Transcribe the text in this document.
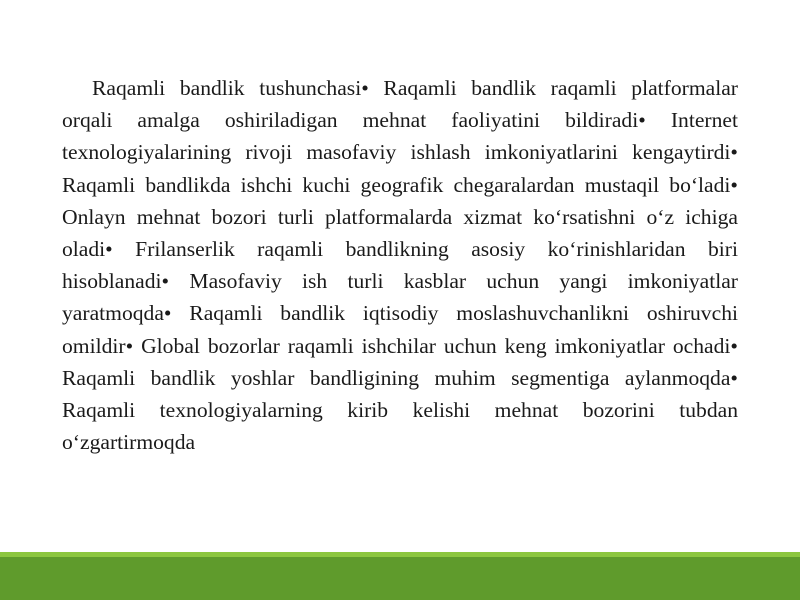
Raqamli bandlik tushunchasi• Raqamli bandlik raqamli platformalar orqali amalga oshiriladigan mehnat faoliyatini bildiradi• Internet texnologiyalarining rivoji masofaviy ishlash imkoniyatlarini kengaytirdi• Raqamli bandlikda ishchi kuchi geografik chegaralardan mustaqil bo‘ladi• Onlayn mehnat bozori turli platformalarda xizmat ko‘rsatishni o‘z ichiga oladi• Frilanserlik raqamli bandlikning asosiy ko‘rinishlaridan biri hisoblanadi• Masofaviy ish turli kasblar uchun yangi imkoniyatlar yaratmoqda• Raqamli bandlik iqtisodiy moslashuvchanlikni oshiruvchi omildir• Global bozorlar raqamli ishchilar uchun keng imkoniyatlar ochadi• Raqamli bandlik yoshlar bandligining muhim segmentiga aylanmoqda• Raqamli texnologiyalarning kirib kelishi mehnat bozorini tubdan o‘zgartirmoqda
